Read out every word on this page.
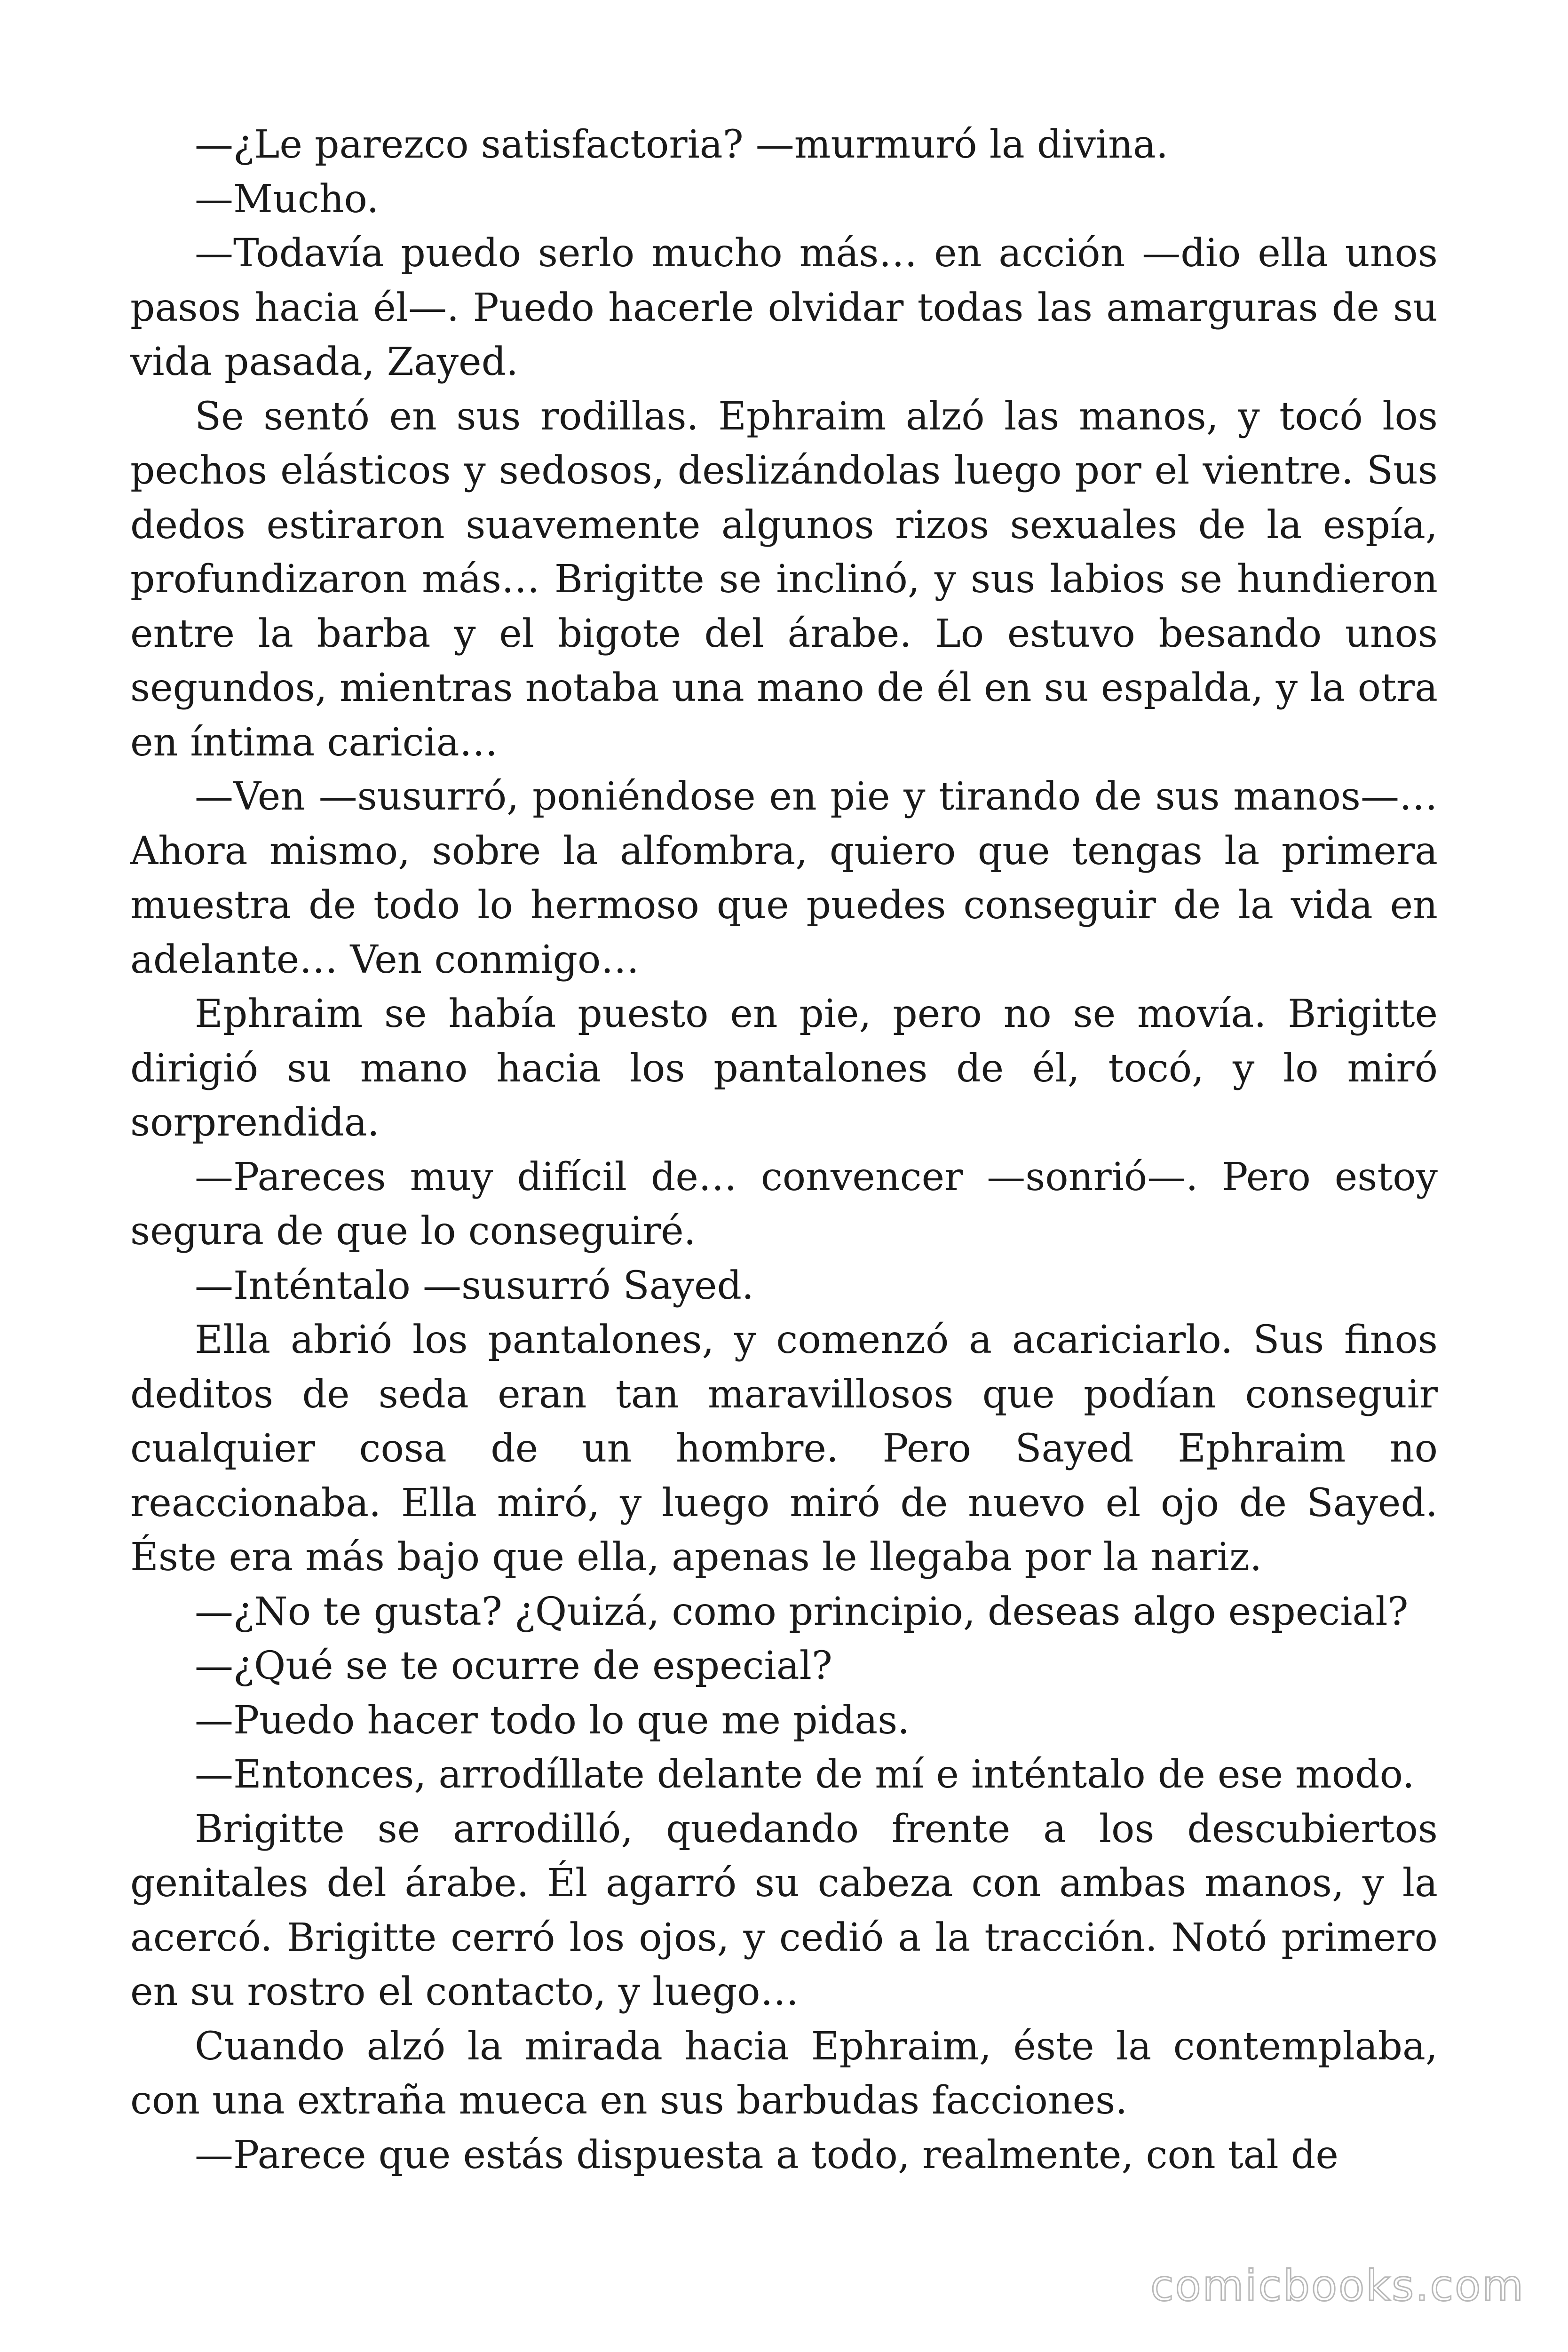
—¿Le parezco satisfactoria? —murmuró la divina.

—Mucho.

—Todavía puedo serlo mucho más… en acción —dio ella unos pasos hacia él—. Puedo hacerle olvidar todas las amarguras de su vida pasada, Zayed.

Se sentó en sus rodillas. Ephraim alzó las manos, y tocó los pechos elásticos y sedosos, deslizándolas luego por el vientre. Sus dedos estiraron suavemente algunos rizos sexuales de la espía, profundizaron más… Brigitte se inclinó, y sus labios se hundieron entre la barba y el bigote del árabe. Lo estuvo besando unos segundos, mientras notaba una mano de él en su espalda, y la otra en íntima caricia…

—Ven —susurró, poniéndose en pie y tirando de sus manos—… Ahora mismo, sobre la alfombra, quiero que tengas la primera muestra de todo lo hermoso que puedes conseguir de la vida en adelante… Ven conmigo…

Ephraim se había puesto en pie, pero no se movía. Brigitte dirigió su mano hacia los pantalones de él, tocó, y lo miró sorprendida.

—Pareces muy difícil de… convencer —sonrió—. Pero estoy segura de que lo conseguiré.

—Inténtalo —susurró Sayed.

Ella abrió los pantalones, y comenzó a acariciarlo. Sus finos deditos de seda eran tan maravillosos que podían conseguir cualquier cosa de un hombre. Pero Sayed Ephraim no reaccionaba. Ella miró, y luego miró de nuevo el ojo de Sayed. Éste era más bajo que ella, apenas le llegaba por la nariz.

—¿No te gusta? ¿Quizá, como principio, deseas algo especial?

—¿Qué se te ocurre de especial?

—Puedo hacer todo lo que me pidas.

—Entonces, arrodíllate delante de mí e inténtalo de ese modo.

Brigitte se arrodilló, quedando frente a los descubiertos genitales del árabe. Él agarró su cabeza con ambas manos, y la acercó. Brigitte cerró los ojos, y cedió a la tracción. Notó primero en su rostro el contacto, y luego…

Cuando alzó la mirada hacia Ephraim, éste la contemplaba, con una extraña mueca en sus barbudas facciones.

—Parece que estás dispuesta a todo, realmente, con tal de

comicbooks.com
